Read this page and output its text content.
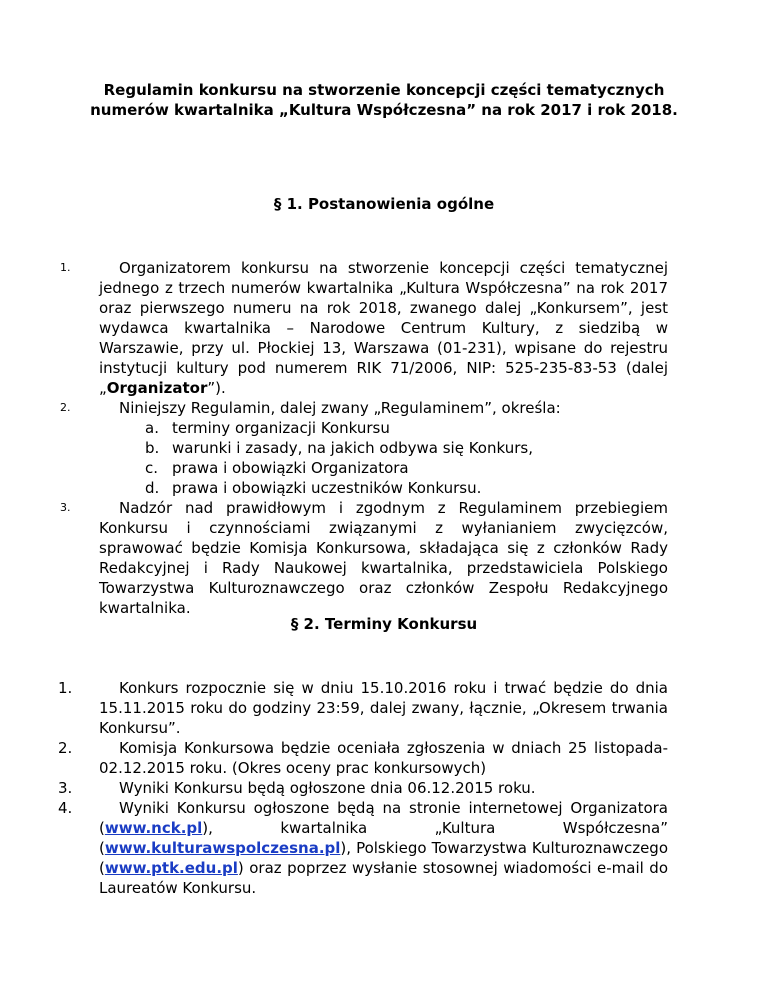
Regulamin konkursu na stworzenie koncepcji części tematycznych numerów kwartalnika „Kultura Współczesna” na rok 2017 i rok 2018.
§ 1. Postanowienia ogólne
1.	Organizatorem konkursu na stworzenie koncepcji części tematycznej jednego z trzech numerów kwartalnika „Kultura Współczesna” na rok 2017 oraz pierwszego numeru na rok 2018, zwanego dalej „Konkursem”, jest wydawca kwartalnika – Narodowe Centrum Kultury, z siedzibą w Warszawie, przy ul. Płockiej 13, Warszawa (01-231), wpisane do rejestru instytucji kultury pod numerem RIK 71/2006, NIP: 525-235-83-53 (dalej „Organizator”).
2.	Niniejszy Regulamin, dalej zwany „Regulaminem”, określa:
a. terminy organizacji Konkursu
b. warunki i zasady, na jakich odbywa się Konkurs,
c. prawa i obowiązki Organizatora
d. prawa i obowiązki uczestników Konkursu.
3.	Nadzór nad prawidłowym i zgodnym z Regulaminem przebiegiem Konkursu i czynnościami związanymi z wyłanianiem zwycięzców, sprawować będzie Komisja Konkursowa, składająca się z członków Rady Redakcyjnej i Rady Naukowej kwartalnika, przedstawiciela Polskiego Towarzystwa Kulturoznawczego oraz członków Zespołu Redakcyjnego kwartalnika.
§ 2. Terminy Konkursu
1.	Konkurs rozpocznie się w dniu 15.10.2016 roku i trwać będzie do dnia 15.11.2015 roku do godziny 23:59, dalej zwany, łącznie, „Okresem trwania Konkursu”.
2.	Komisja Konkursowa będzie oceniała zgłoszenia w dniach 25 listopada-02.12.2015 roku. (Okres oceny prac konkursowych)
3.	Wyniki Konkursu będą ogłoszone dnia 06.12.2015 roku.
4.	Wyniki Konkursu ogłoszone będą na stronie internetowej Organizatora (www.nck.pl), kwartalnika „Kultura Współczesna” (www.kulturawspolczesna.pl), Polskiego Towarzystwa Kulturoznawczego (www.ptk.edu.pl) oraz poprzez wysłanie stosownej wiadomości e-mail do Laureatów Konkursu.
